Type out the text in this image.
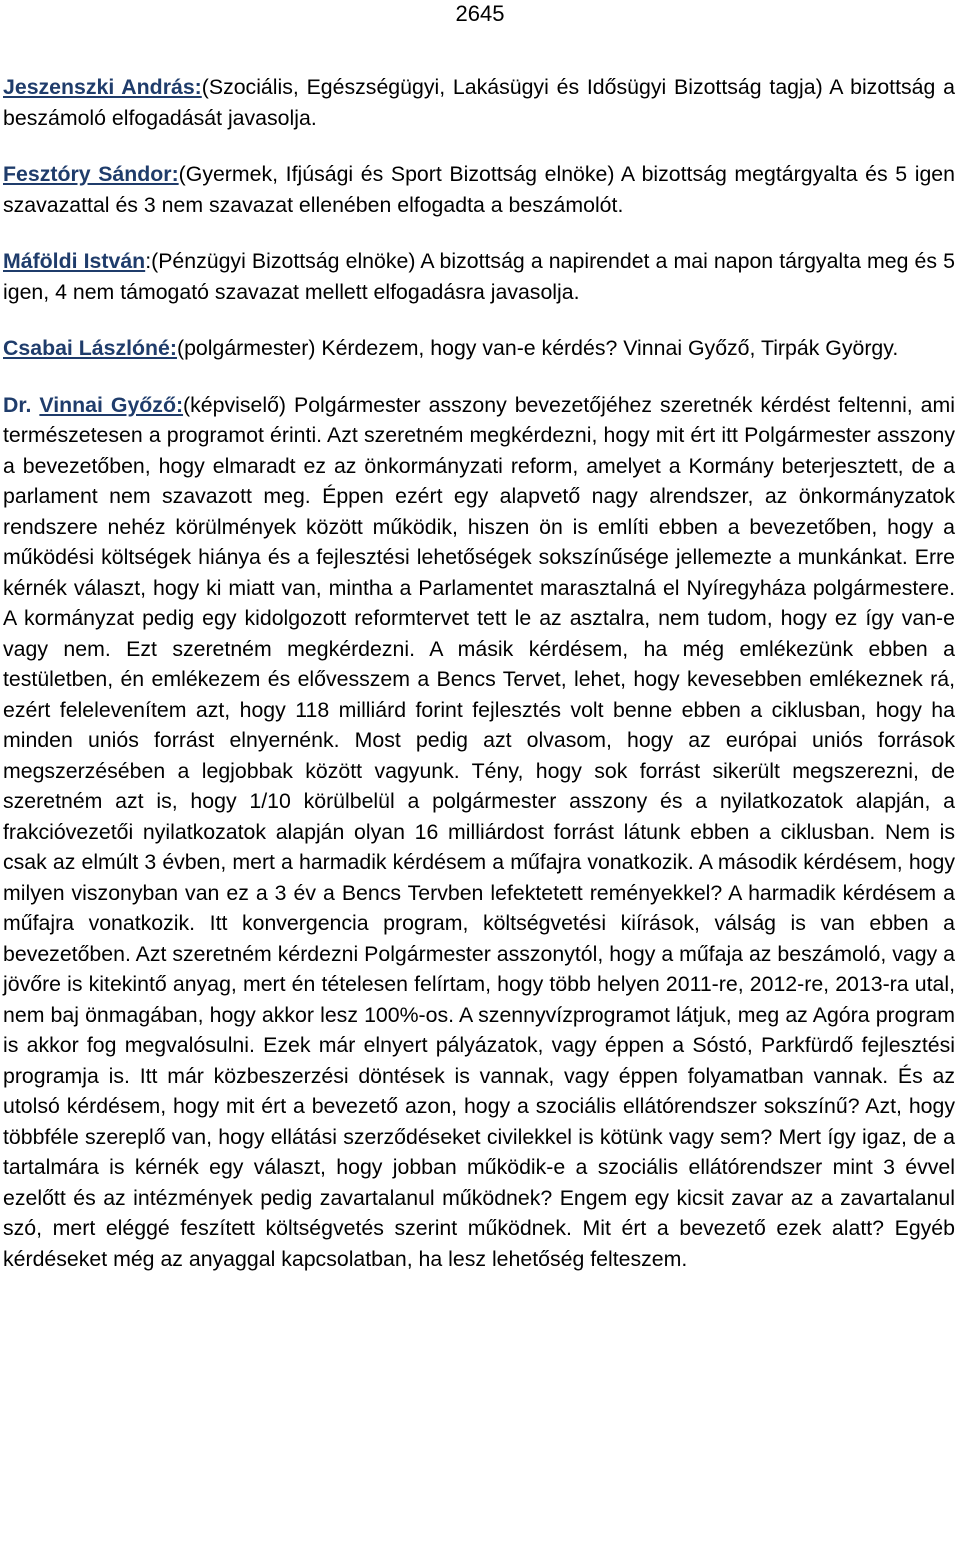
2645

Jeszenszki András:(Szociális, Egészségügyi, Lakásügyi és Idősügyi Bizottság tagja) A bizottság a beszámoló elfogadását javasolja.

Fesztóry Sándor:(Gyermek, Ifjúsági és Sport Bizottság elnöke) A bizottság megtárgyalta és 5 igen szavazattal és 3 nem szavazat ellenében elfogadta a beszámolót.

Máföldi István:(Pénzügyi Bizottság elnöke) A bizottság a napirendet a mai napon tárgyalta meg és 5 igen, 4 nem támogató szavazat mellett elfogadásra javasolja.

Csabai Lászlóné:(polgármester) Kérdezem, hogy van-e kérdés? Vinnai Győző, Tirpák György.

Dr. Vinnai Győző:(képviselő) Polgármester asszony bevezetőjéhez szeretnék kérdést feltenni, ami természetesen a programot érinti. Azt szeretném megkérdezni, hogy mit ért itt Polgármester asszony a bevezetőben, hogy elmaradt ez az önkormányzati reform, amelyet a Kormány beterjesztett, de a parlament nem szavazott meg. Éppen ezért egy alapvető nagy alrendszer, az önkormányzatok rendszere nehéz körülmények között működik, hiszen ön is említi ebben a bevezetőben, hogy a működési költségek hiánya és a fejlesztési lehetőségek sokszínűsége jellemezte a munkánkat. Erre kérnék választ, hogy ki miatt van, mintha a Parlamentet marasztalná el Nyíregyháza polgármestere. A kormányzat pedig egy kidolgozott reformtervet tett le az asztalra, nem tudom, hogy ez így van-e vagy nem. Ezt szeretném megkérdezni. A másik kérdésem, ha még emlékezünk ebben a testületben, én emlékezem és elővesszem a Bencs Tervet, lehet, hogy kevesebben emlékeznek rá, ezért felelevenítem azt, hogy 118 milliárd forint fejlesztés volt benne ebben a ciklusban, hogy ha minden uniós forrást elnyernénk. Most pedig azt olvasom, hogy az európai uniós források megszerzésében a legjobbak között vagyunk. Tény, hogy sok forrást sikerült megszerezni, de szeretném azt is, hogy 1/10 körülbelül a polgármester asszony és a nyilatkozatok alapján, a frakcióvezetői nyilatkozatok alapján olyan 16 milliárdost forrást látunk ebben a ciklusban. Nem is csak az elmúlt 3 évben, mert a harmadik kérdésem a műfajra vonatkozik. A második kérdésem, hogy milyen viszonyban van ez a 3 év a Bencs Tervben lefektetett reményekkel? A harmadik kérdésem a műfajra vonatkozik. Itt konvergencia program, költségvetési kiírások, válság is van ebben a bevezetőben. Azt szeretném kérdezni Polgármester asszonytól, hogy a műfaja az beszámoló, vagy a jövőre is kitekintő anyag, mert én tételesen felírtam, hogy több helyen 2011-re, 2012-re, 2013-ra utal, nem baj önmagában, hogy akkor lesz 100%-os. A szennyvízprogramot látjuk, meg az Agóra program is akkor fog megvalósulni. Ezek már elnyert pályázatok, vagy éppen a Sóstó, Parkfürdő fejlesztési programja is. Itt már közbeszerzési döntések is vannak, vagy éppen folyamatban vannak. És az utolsó kérdésem, hogy mit ért a bevezető azon, hogy a szociális ellátórendszer sokszínű? Azt, hogy többféle szereplő van, hogy ellátási szerződéseket civilekkel is kötünk vagy sem? Mert így igaz, de a tartalmára is kérnék egy választ, hogy jobban működik-e a szociális ellátórendszer mint 3 évvel ezelőtt és az intézmények pedig zavartalanul működnek? Engem egy kicsit zavar az a zavartalanul szó, mert eléggé feszített költségvetés szerint működnek. Mit ért a bevezető ezek alatt? Egyéb kérdéseket még az anyaggal kapcsolatban, ha lesz lehetőség felteszem.
